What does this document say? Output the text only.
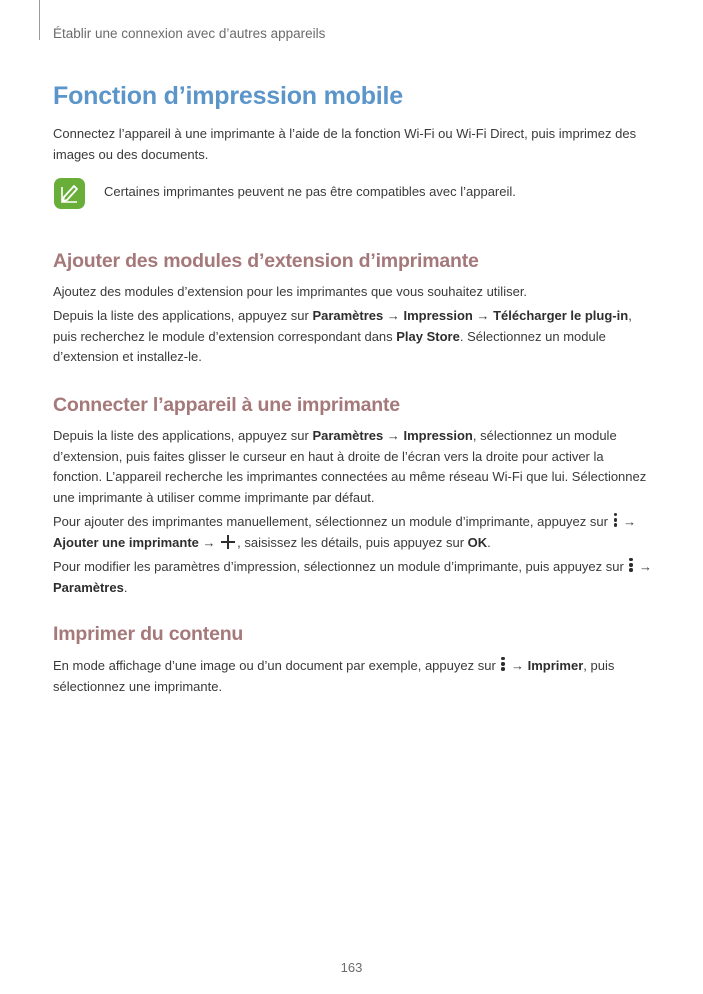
Établir une connexion avec d’autres appareils
Fonction d’impression mobile

Connectez l’appareil à une imprimante à l’aide de la fonction Wi-Fi ou Wi-Fi Direct, puis imprimez des images ou des documents.

Certaines imprimantes peuvent ne pas être compatibles avec l’appareil.
Ajouter des modules d’extension d’imprimante

Ajoutez des modules d’extension pour les imprimantes que vous souhaitez utiliser.

Depuis la liste des applications, appuyez sur Paramètres → Impression → Télécharger le plug-in, puis recherchez le module d’extension correspondant dans Play Store. Sélectionnez un module d’extension et installez-le.

Connecter l’appareil à une imprimante

Depuis la liste des applications, appuyez sur Paramètres → Impression, sélectionnez un module d’extension, puis faites glisser le curseur en haut à droite de l’écran vers la droite pour activer la fonction. L’appareil recherche les imprimantes connectées au même réseau Wi-Fi que lui. Sélectionnez une imprimante à utiliser comme imprimante par défaut.

Pour ajouter des imprimantes manuellement, sélectionnez un module d’imprimante, appuyez sur
→ Ajouter une imprimante → , saisissez les détails, puis appuyez sur OK.

Pour modifier les paramètres d’impression, sélectionnez un module d’imprimante, puis appuyez sur
→ Paramètres.

Imprimer du contenu

En mode affichage d’une image ou d’un document par exemple, appuyez sur
→ Imprimer, puis sélectionnez une imprimante.

163
